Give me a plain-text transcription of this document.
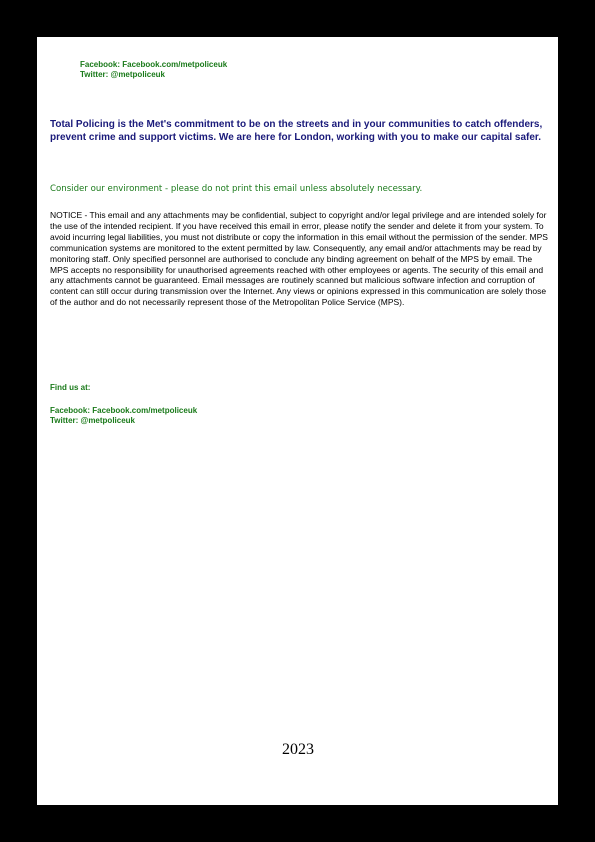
Facebook: Facebook.com/metpoliceuk
Twitter: @metpoliceuk
Total Policing is the Met's commitment to be on the streets and in your communities to catch offenders, prevent crime and support victims. We are here for London, working with you to make our capital safer.
Consider our environment - please do not print this email unless absolutely necessary.
NOTICE - This email and any attachments may be confidential, subject to copyright and/or legal privilege and are intended solely for the use of the intended recipient. If you have received this email in error, please notify the sender and delete it from your system. To avoid incurring legal liabilities, you must not distribute or copy the information in this email without the permission of the sender. MPS communication systems are monitored to the extent permitted by law. Consequently, any email and/or attachments may be read by monitoring staff. Only specified personnel are authorised to conclude any binding agreement on behalf of the MPS by email. The MPS accepts no responsibility for unauthorised agreements reached with other employees or agents. The security of this email and any attachments cannot be guaranteed. Email messages are routinely scanned but malicious software infection and corruption of content can still occur during transmission over the Internet. Any views or opinions expressed in this communication are solely those of the author and do not necessarily represent those of the Metropolitan Police Service (MPS).
Find us at:
Facebook: Facebook.com/metpoliceuk
Twitter: @metpoliceuk
2023
